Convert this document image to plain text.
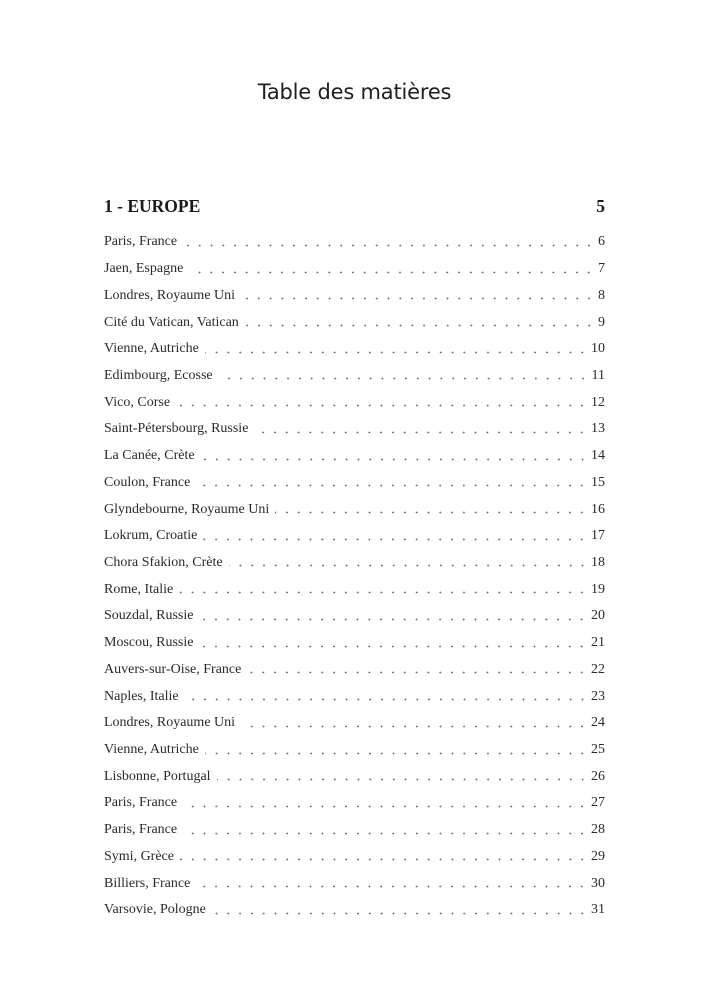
Table des matières
1 - EUROPE	5
Paris, France	6
Jaen, Espagne	7
Londres, Royaume Uni	8
Cité du Vatican, Vatican	9
Vienne, Autriche	10
Edimbourg, Ecosse	11
Vico, Corse	12
Saint-Pétersbourg, Russie	13
La Canée, Crète	14
Coulon, France	15
Glyndebourne, Royaume Uni	16
Lokrum, Croatie	17
Chora Sfakion, Crète	18
Rome, Italie	19
Souzdal, Russie	20
Moscou, Russie	21
Auvers-sur-Oise, France	22
Naples, Italie	23
Londres, Royaume Uni	24
Vienne, Autriche	25
Lisbonne, Portugal	26
Paris, France	27
Paris, France	28
Symi, Grèce	29
Billiers, France	30
Varsovie, Pologne	31
